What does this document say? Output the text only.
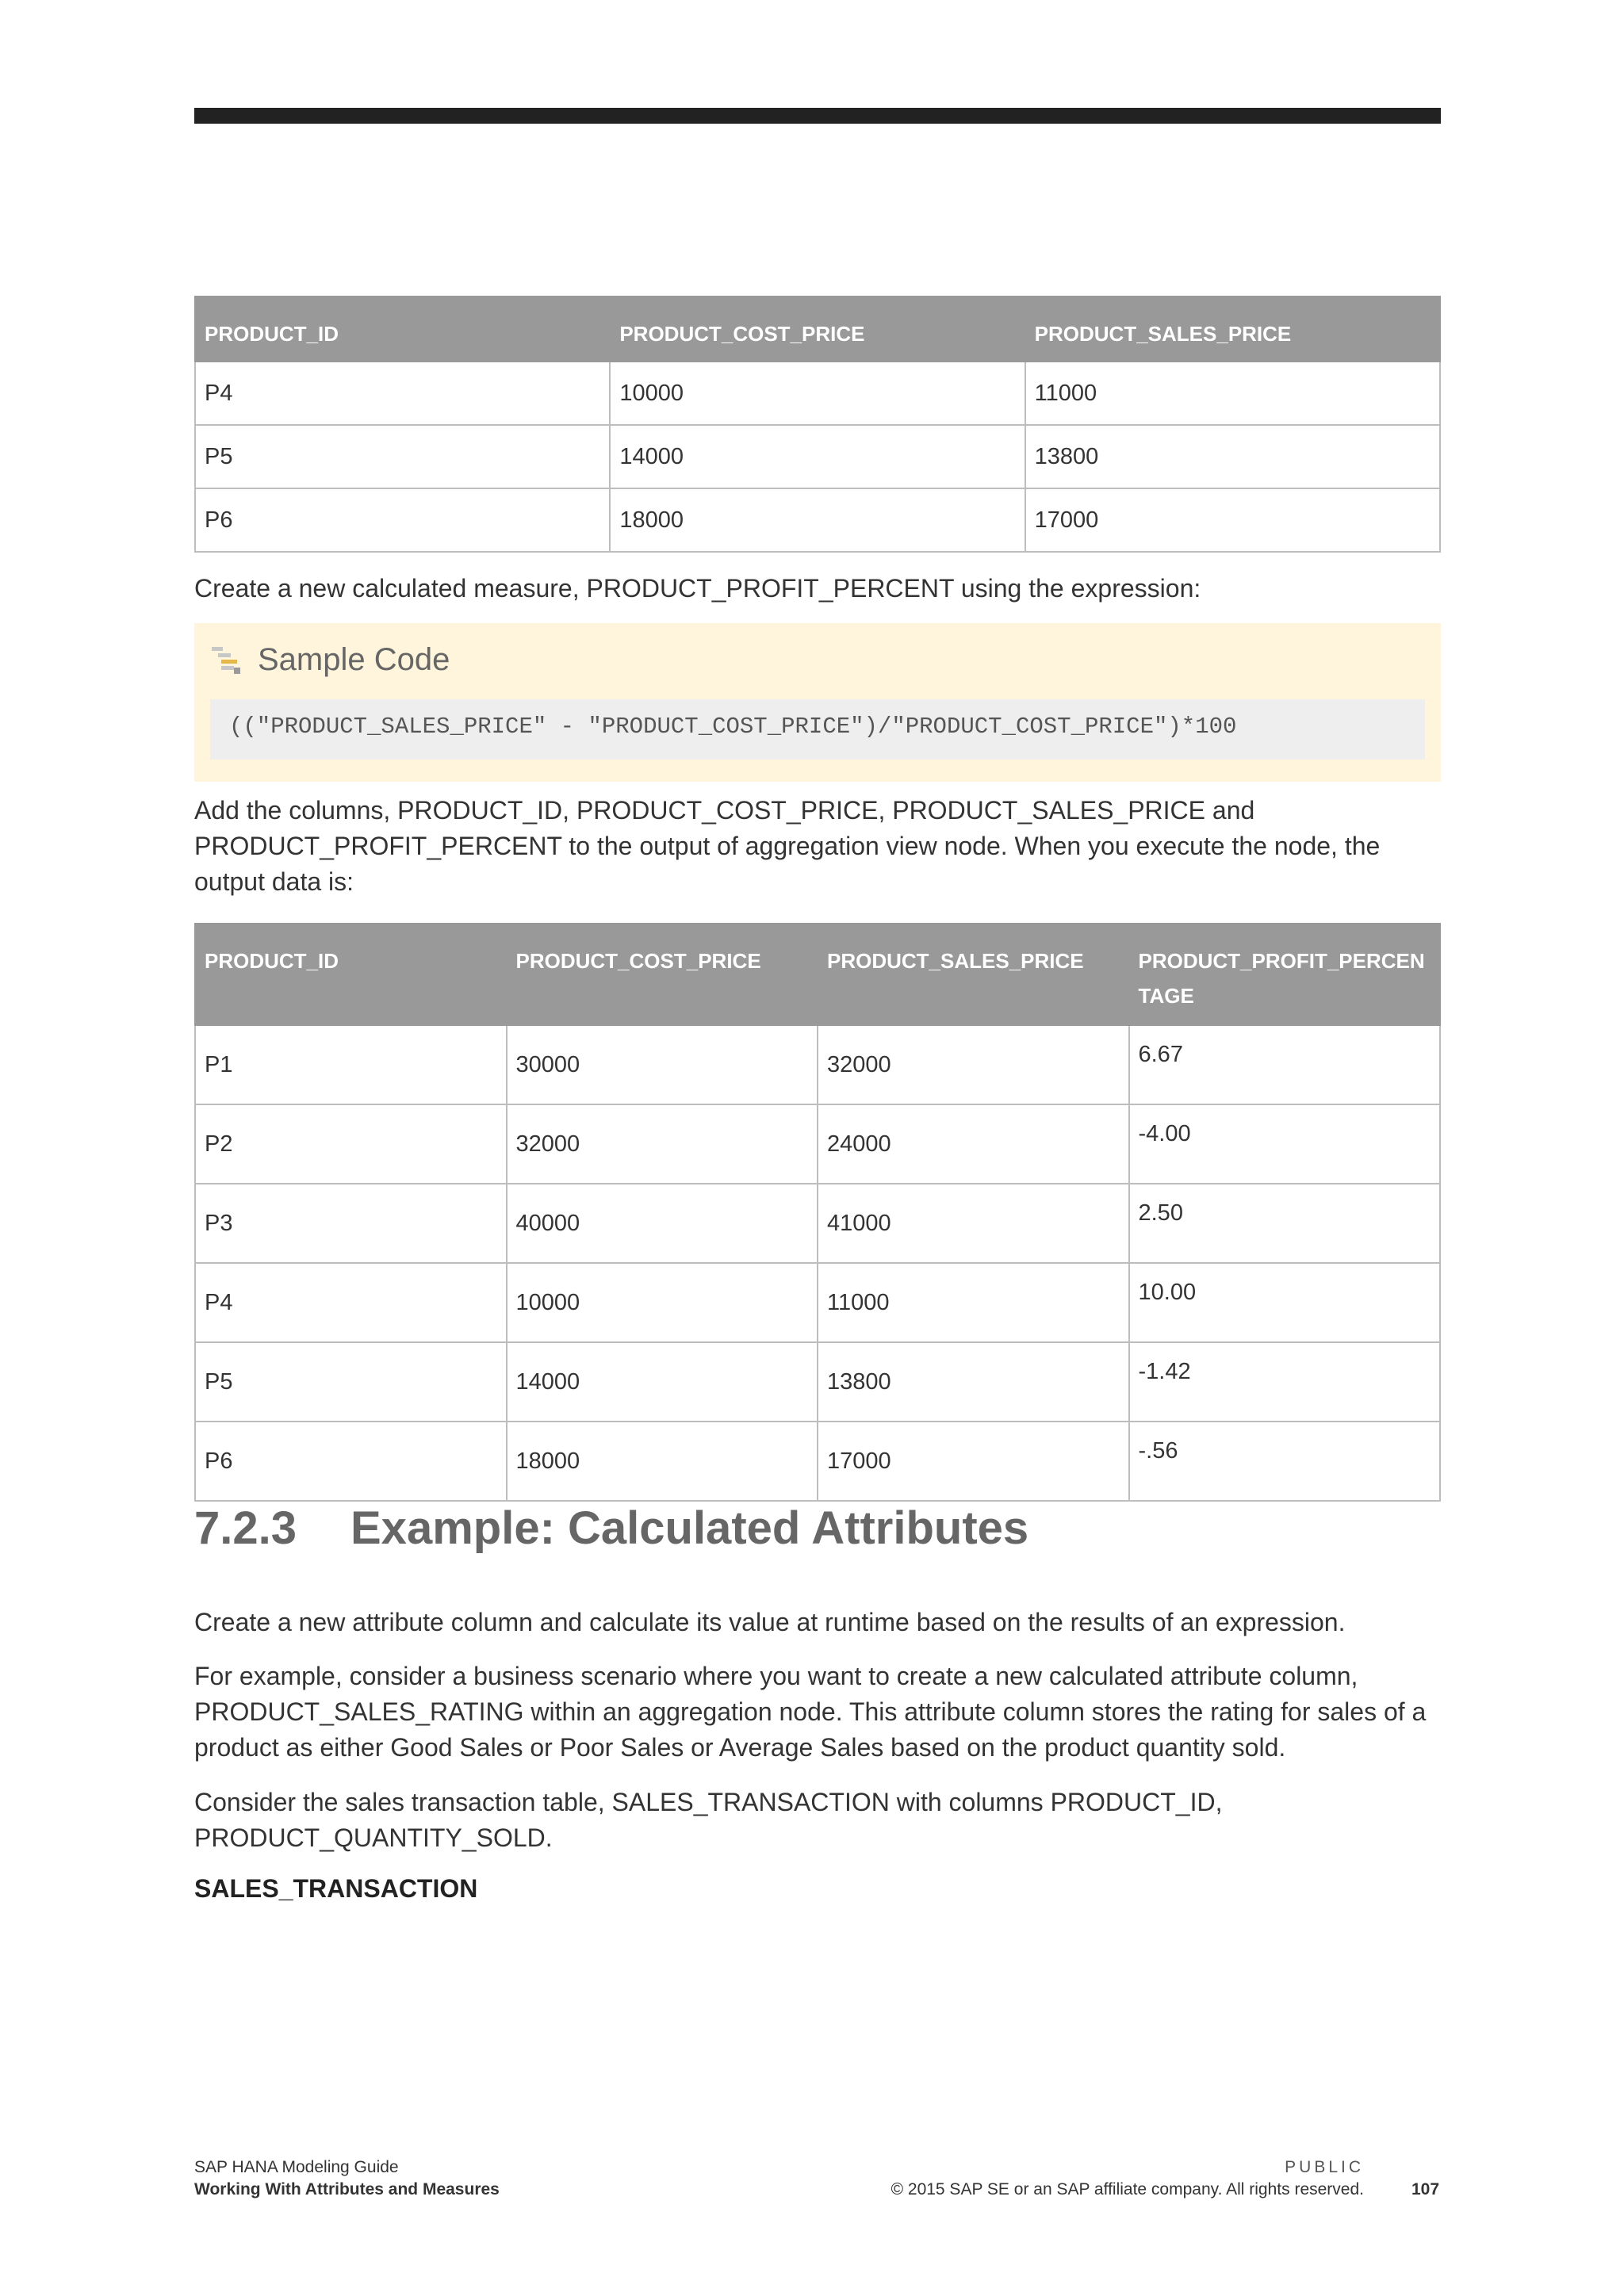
PRODUCT_ID	PRODUCT_COST_PRICE	PRODUCT_SALES_PRICE
P4	10000	11000
P5	14000	13800
P6	18000	17000

Create a new calculated measure, PRODUCT_PROFIT_PERCENT using the expression:

Sample Code
(("PRODUCT_SALES_PRICE" - "PRODUCT_COST_PRICE")/"PRODUCT_COST_PRICE")*100

Add the columns, PRODUCT_ID, PRODUCT_COST_PRICE, PRODUCT_SALES_PRICE and PRODUCT_PROFIT_PERCENT to the output of aggregation view node. When you execute the node, the output data is:

PRODUCT_ID	PRODUCT_COST_PRICE	PRODUCT_SALES_PRICE	PRODUCT_PROFIT_PERCENTAGE
P1	30000	32000	6.67
P2	32000	24000	-4.00
P3	40000	41000	2.50
P4	10000	11000	10.00
P5	14000	13800	-1.42
P6	18000	17000	-.56
7.2.3 Example: Calculated Attributes

Create a new attribute column and calculate its value at runtime based on the results of an expression.

For example, consider a business scenario where you want to create a new calculated attribute column, PRODUCT_SALES_RATING within an aggregation node. This attribute column stores the rating for sales of a product as either Good Sales or Poor Sales or Average Sales based on the product quantity sold.

Consider the sales transaction table, SALES_TRANSACTION with columns PRODUCT_ID, PRODUCT_QUANTITY_SOLD.

SALES_TRANSACTION
SAP HANA Modeling Guide
Working With Attributes and Measures
PUBLIC
© 2015 SAP SE or an SAP affiliate company. All rights reserved.	107
